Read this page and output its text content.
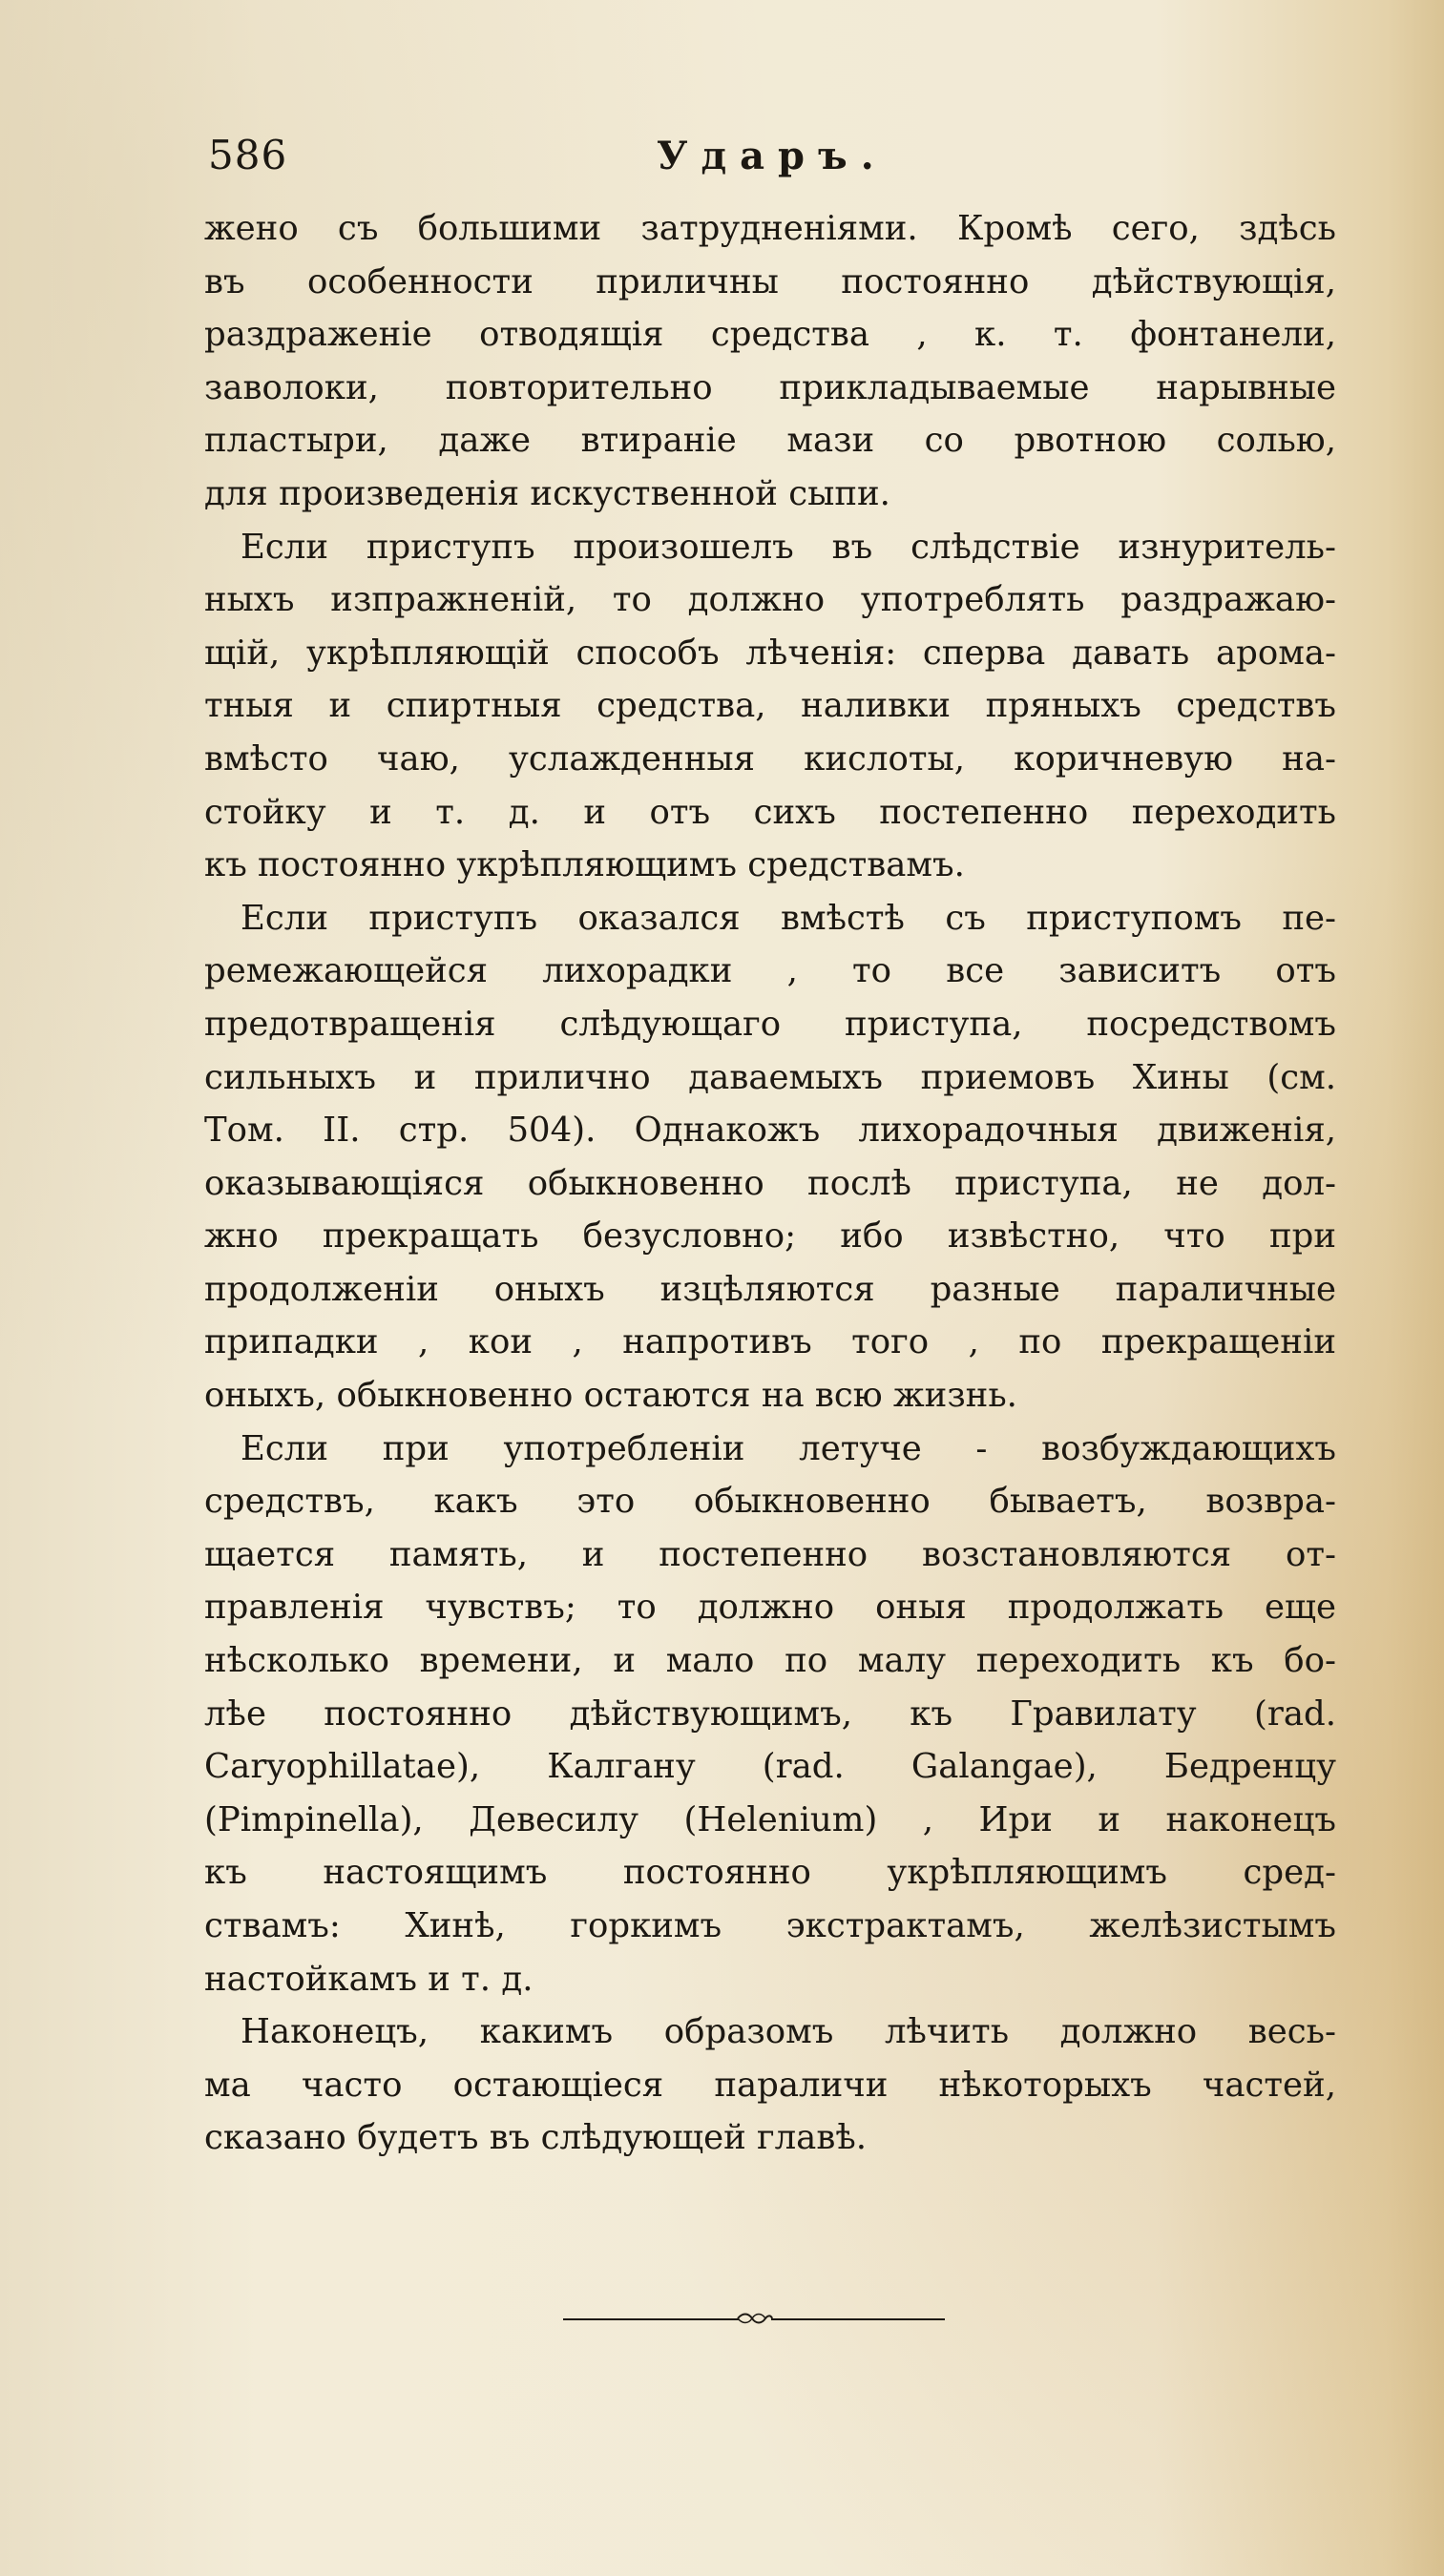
586	Ударъ.
жено съ большими затрудненiями. Кромѣ сего, здѣсь
въ особенности приличны постоянно дѣйствующiя,
раздраженiе отводящiя средства , к. т. фонтанели,
заволоки, повторительно прикладываемые нарывные
пластыри, даже втиранiе мази со рвотною солью,
для произведенiя искуственной сыпи.
Если приступъ произошелъ въ слѣдствiе изнуритель-
ныхъ изпражненiй, то должно употреблять раздражаю-
щiй, укрѣпляющiй способъ лѣченiя: сперва давать арома-
тныя и спиртныя средства, наливки пряныхъ средствъ
вмѣсто чаю, услажденныя кислоты, коричневую на-
стойку и т. д. и отъ сихъ постепенно переходить
къ постоянно укрѣпляющимъ средствамъ.
Если приступъ оказался вмѣстѣ съ приступомъ пе-
ремежающейся лихорадки , то все зависитъ отъ
предотвращенiя слѣдующаго приступа, посредствомъ
сильныхъ и прилично даваемыхъ приемовъ Хины (см.
Том. II. стр. 504). Однакожъ лихорадочныя движенiя,
оказывающiяся обыкновенно послѣ приступа, не дол-
жно прекращать безусловно; ибо извѣстно, что при
продолженiи оныхъ изцѣляются разные параличные
припадки , кои , напротивъ того , по прекращенiи
оныхъ, обыкновенно остаются на всю жизнь.
Если при употребленiи летуче - возбуждающихъ
средствъ, какъ это обыкновенно бываетъ, возвра-
щается память, и постепенно возстановляются от-
правленiя чувствъ; то должно оныя продолжать еще
нѣсколько времени, и мало по малу переходить къ бо-
лѣе постоянно дѣйствующимъ, къ Гравилату (rad.
Caryophillatae), Калгану (rad. Galangae), Бедренцу
(Pimpinella), Девесилу (Helenium) , Ири и наконецъ
къ настоящимъ постоянно укрѣпляющимъ сред-
ствамъ: Хинѣ, горкимъ экстрактамъ, желѣзистымъ
настойкамъ и т. д.
Наконецъ, какимъ образомъ лѣчить должно весь-
ма часто остающiеся параличи нѣкоторыхъ частей,
сказано будетъ въ слѣдующей главѣ.
